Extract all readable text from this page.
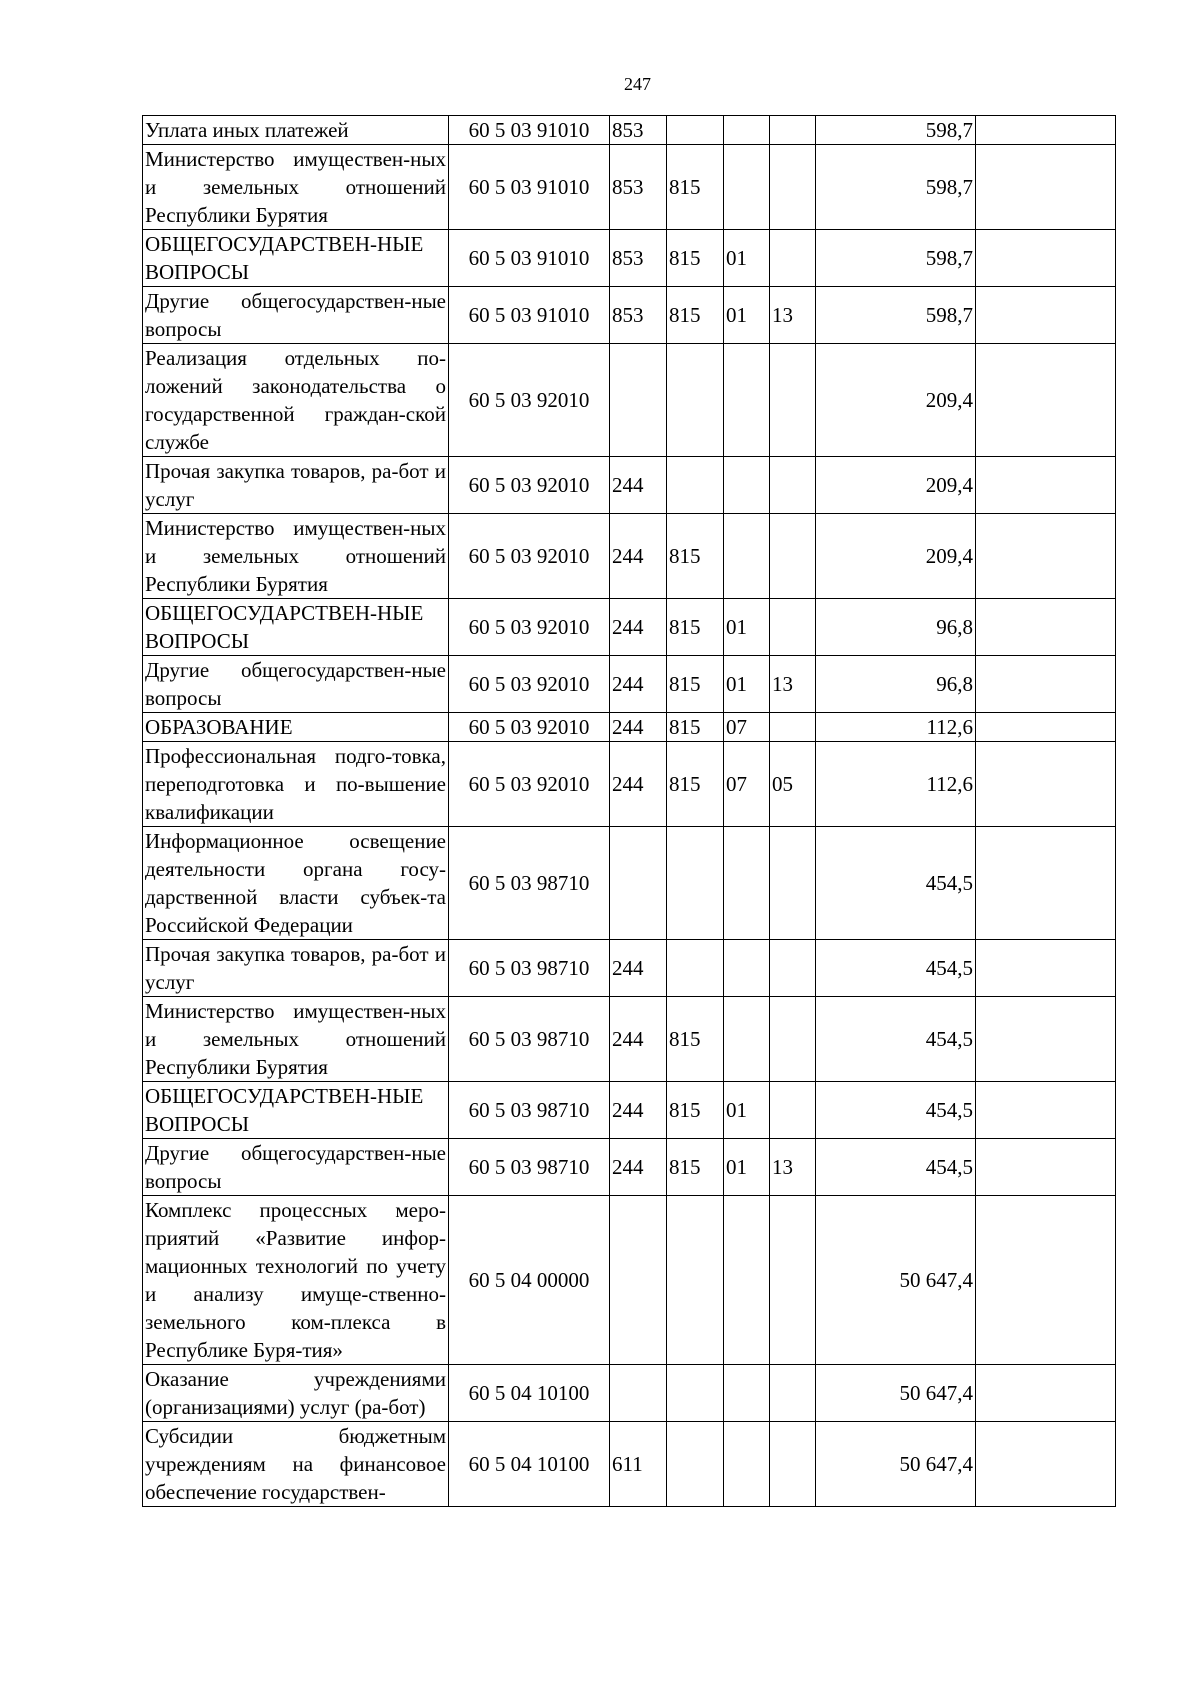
247
Уплата иных платежей	60 5 03 91010	853				598,7	
Министерство имуществен-ных и земельных отношений Республики Бурятия	60 5 03 91010	853	815			598,7	
ОБЩЕГОСУДАРСТВЕН-НЫЕ ВОПРОСЫ	60 5 03 91010	853	815	01		598,7	
Другие общегосударствен-ные вопросы	60 5 03 91010	853	815	01	13	598,7	
Реализация отдельных по-ложений законодательства о государственной граждан-ской службе	60 5 03 92010					209,4	
Прочая закупка товаров, ра-бот и услуг	60 5 03 92010	244				209,4	
Министерство имуществен-ных и земельных отношений Республики Бурятия	60 5 03 92010	244	815			209,4	
ОБЩЕГОСУДАРСТВЕН-НЫЕ ВОПРОСЫ	60 5 03 92010	244	815	01		96,8	
Другие общегосударствен-ные вопросы	60 5 03 92010	244	815	01	13	96,8	
ОБРАЗОВАНИЕ	60 5 03 92010	244	815	07		112,6	
Профессиональная подго-товка, переподготовка и по-вышение квалификации	60 5 03 92010	244	815	07	05	112,6	
Информационное освещение деятельности органа госу-дарственной власти субъек-та Российской Федерации	60 5 03 98710					454,5	
Прочая закупка товаров, ра-бот и услуг	60 5 03 98710	244				454,5	
Министерство имуществен-ных и земельных отношений Республики Бурятия	60 5 03 98710	244	815			454,5	
ОБЩЕГОСУДАРСТВЕН-НЫЕ ВОПРОСЫ	60 5 03 98710	244	815	01		454,5	
Другие общегосударствен-ные вопросы	60 5 03 98710	244	815	01	13	454,5	
Комплекс процессных меро-приятий «Развитие инфор-мационных технологий по учету и анализу имуще-ственно-земельного ком-плекса в Республике Буря-тия»	60 5 04 00000					50 647,4	
Оказание учреждениями (организациями) услуг (ра-бот)	60 5 04 10100					50 647,4	
Субсидии бюджетным учреждениям на финансовое обеспечение государствен-	60 5 04 10100	611				50 647,4	
